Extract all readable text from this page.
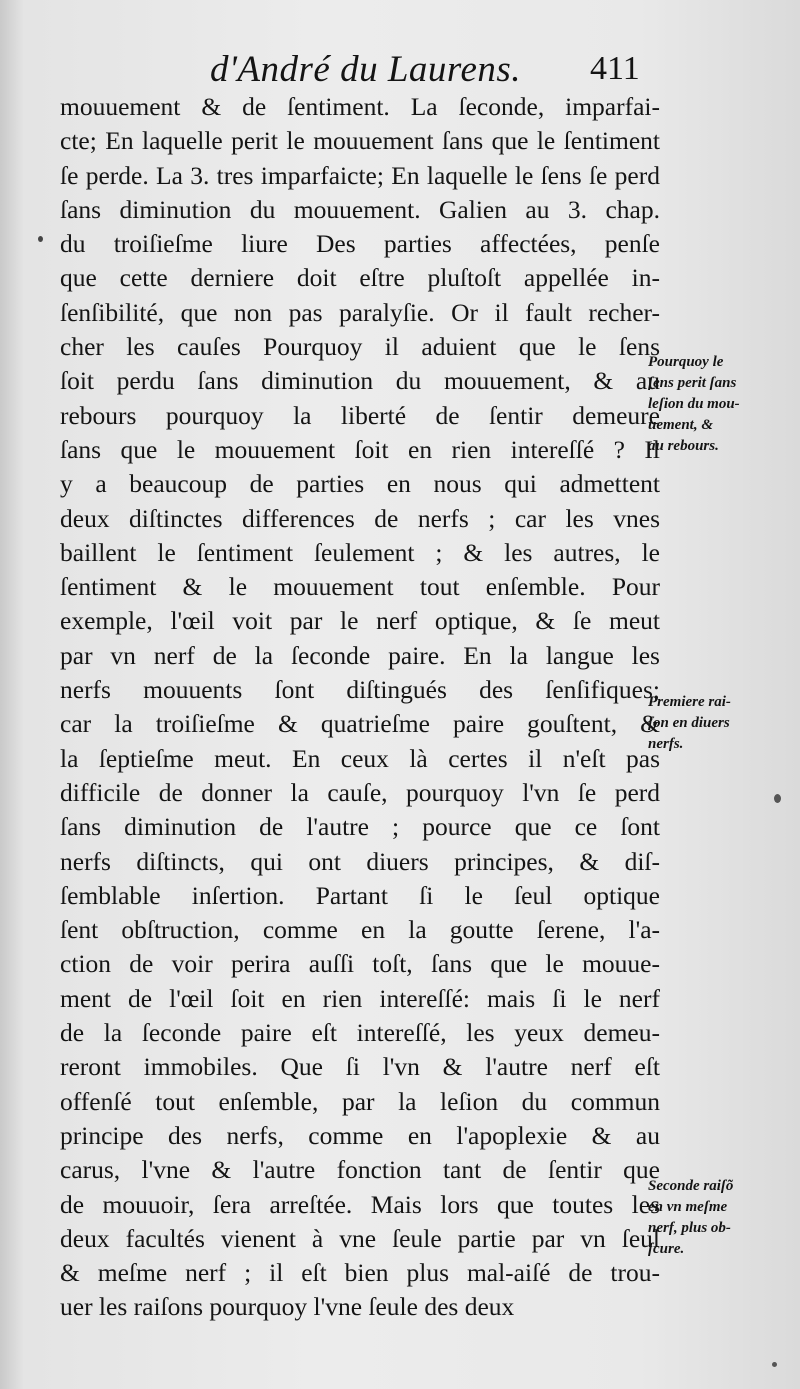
d'André du Laurens. 411
mouuement & de ſentiment. La ſeconde, imparfai-
cte; En laquelle perit le mouuement ſans que le ſentiment
ſe perde. La 3. tres imparfaicte; En laquelle le ſens ſe perd
ſans diminution du mouuement. Galien au 3. chap.
du troiſieſme liure Des parties affectées, penſe
que cette derniere doit eſtre pluſtoſt appellée in-
ſenſibilité, que non pas paralyſie. Or il fault recher-
cher les cauſes Pourquoy il aduient que le ſens
ſoit perdu ſans diminution du mouuement, & au
rebours pourquoy la liberté de ſentir demeure
ſans que le mouuement ſoit en rien intereſſé ? Il
y a beaucoup de parties en nous qui admettent
deux diſtinctes differences de nerfs ; car les vnes
baillent le ſentiment ſeulement ; & les autres, le
ſentiment & le mouuement tout enſemble. Pour
exemple, l'œil voit par le nerf optique, & ſe meut
par vn nerf de la ſeconde paire. En la langue les
nerfs mouuents ſont diſtingués des ſenſifiques;
car la troiſieſme & quatrieſme paire gouſtent, &
la ſeptieſme meut. En ceux là certes il n'eſt pas
difficile de donner la cauſe, pourquoy l'vn ſe perd
ſans diminution de l'autre ; pource que ce ſont
nerfs diſtincts, qui ont diuers principes, & diſ-
ſemblable inſertion. Partant ſi le ſeul optique
ſent obſtruction, comme en la goutte ſerene, l'a-
ction de voir perira auſſi toſt, ſans que le mouue-
ment de l'œil ſoit en rien intereſſé: mais ſi le nerf
de la ſeconde paire eſt intereſſé, les yeux demeu-
reront immobiles. Que ſi l'vn & l'autre nerf eſt
offenſé tout enſemble, par la leſion du commun
principe des nerfs, comme en l'apoplexie & au
carus, l'vne & l'autre fonction tant de ſentir que
de mouuoir, ſera arreſtée. Mais lors que toutes les
deux facultés vienent à vne ſeule partie par vn ſeul
& meſme nerf ; il eſt bien plus mal-aiſé de trou-
uer les raiſons pourquoy l'vne ſeule des deux
Pourquoy le
ſens perit ſans
leſion du mou-
uement, &
au rebours.
Premiere rai-
ſon en diuers
nerfs.
Seconde raiſõ
en vn meſme
nerf, plus ob-
ſcure.
